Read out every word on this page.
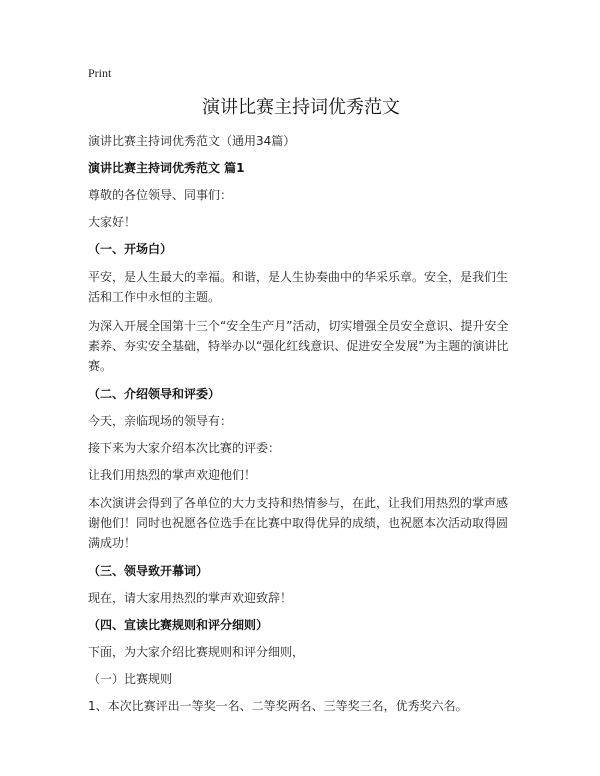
Print
演讲比赛主持词优秀范文

演讲比赛主持词优秀范文（通用34篇）

演讲比赛主持词优秀范文 篇1

尊敬的各位领导、同事们：

大家好！

（一、开场白）

平安，是人生最大的幸福。和谐，是人生协奏曲中的华采乐章。安全，是我们生活和工作中永恒的主题。

为深入开展全国第十三个“安全生产月”活动，切实增强全员安全意识、提升安全素养、夯实安全基础，特举办以“强化红线意识、促进安全发展”为主题的演讲比赛。

（二、介绍领导和评委）

今天，亲临现场的领导有：

接下来为大家介绍本次比赛的评委：

让我们用热烈的掌声欢迎他们！

本次演讲会得到了各单位的大力支持和热情参与，在此，让我们用热烈的掌声感谢他们！同时也祝愿各位选手在比赛中取得优异的成绩，也祝愿本次活动取得圆满成功！

（三、领导致开幕词）

现在，请大家用热烈的掌声欢迎致辞！

（四、宣读比赛规则和评分细则）

下面，为大家介绍比赛规则和评分细则，

（一）比赛规则

1、本次比赛评出一等奖一名、二等奖两名、三等奖三名，优秀奖六名。
